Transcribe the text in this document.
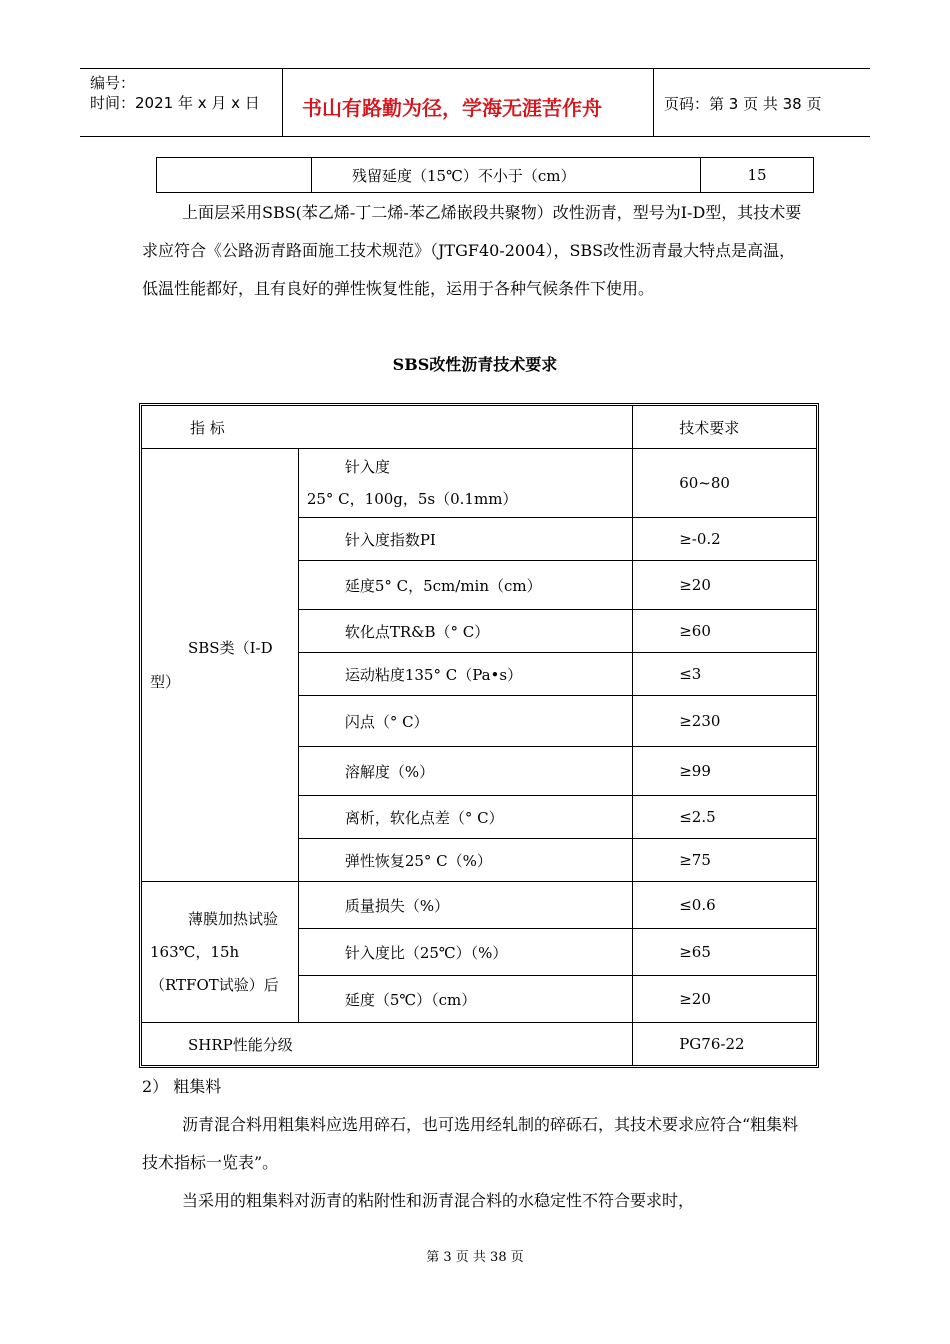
编号：
时间：2021 年 x 月 x 日 书山有路勤为径，学海无涯苦作舟	页码：第 3 页 共 38 页
	残留延度（15℃）不小于（cm）	15
上面层采用SBS(苯乙烯-丁二烯-苯乙烯嵌段共聚物）改性沥青，型号为I-D型，其技术要求应符合《公路沥青路面施工技术规范》（JTGF40-2004），SBS改性沥青最大特点是高温，低温性能都好，且有良好的弹性恢复性能，运用于各种气候条件下使用。
SBS改性沥青技术要求
指 标		技术要求
SBS类（I-D型）	针入度
25° C，100g，5s（0.1mm）	60~80
	针入度指数PI	≥-0.2
	延度5° C，5cm/min（cm）	≥20
	软化点TR&B（° C）	≥60
	运动粘度135° C（Pa•s）	≤3
	闪点（° C）	≥230
	溶解度（%）	≥99
	离析，软化点差（° C）	≤2.5
	弹性恢复25° C（%）	≥75
薄膜加热试验163℃，15h（RTFOT试验）后	质量损失（%）	≤0.6
	针入度比（25℃）（%）	≥65
	延度（5℃）（cm）	≥20
SHRP性能分级		PG76-22
2） 粗集料
沥青混合料用粗集料应选用碎石，也可选用经轧制的碎砾石，其技术要求应符合“粗集料技术指标一览表”。
当采用的粗集料对沥青的粘附性和沥青混合料的水稳定性不符合要求时，
第 3 页 共 38 页
